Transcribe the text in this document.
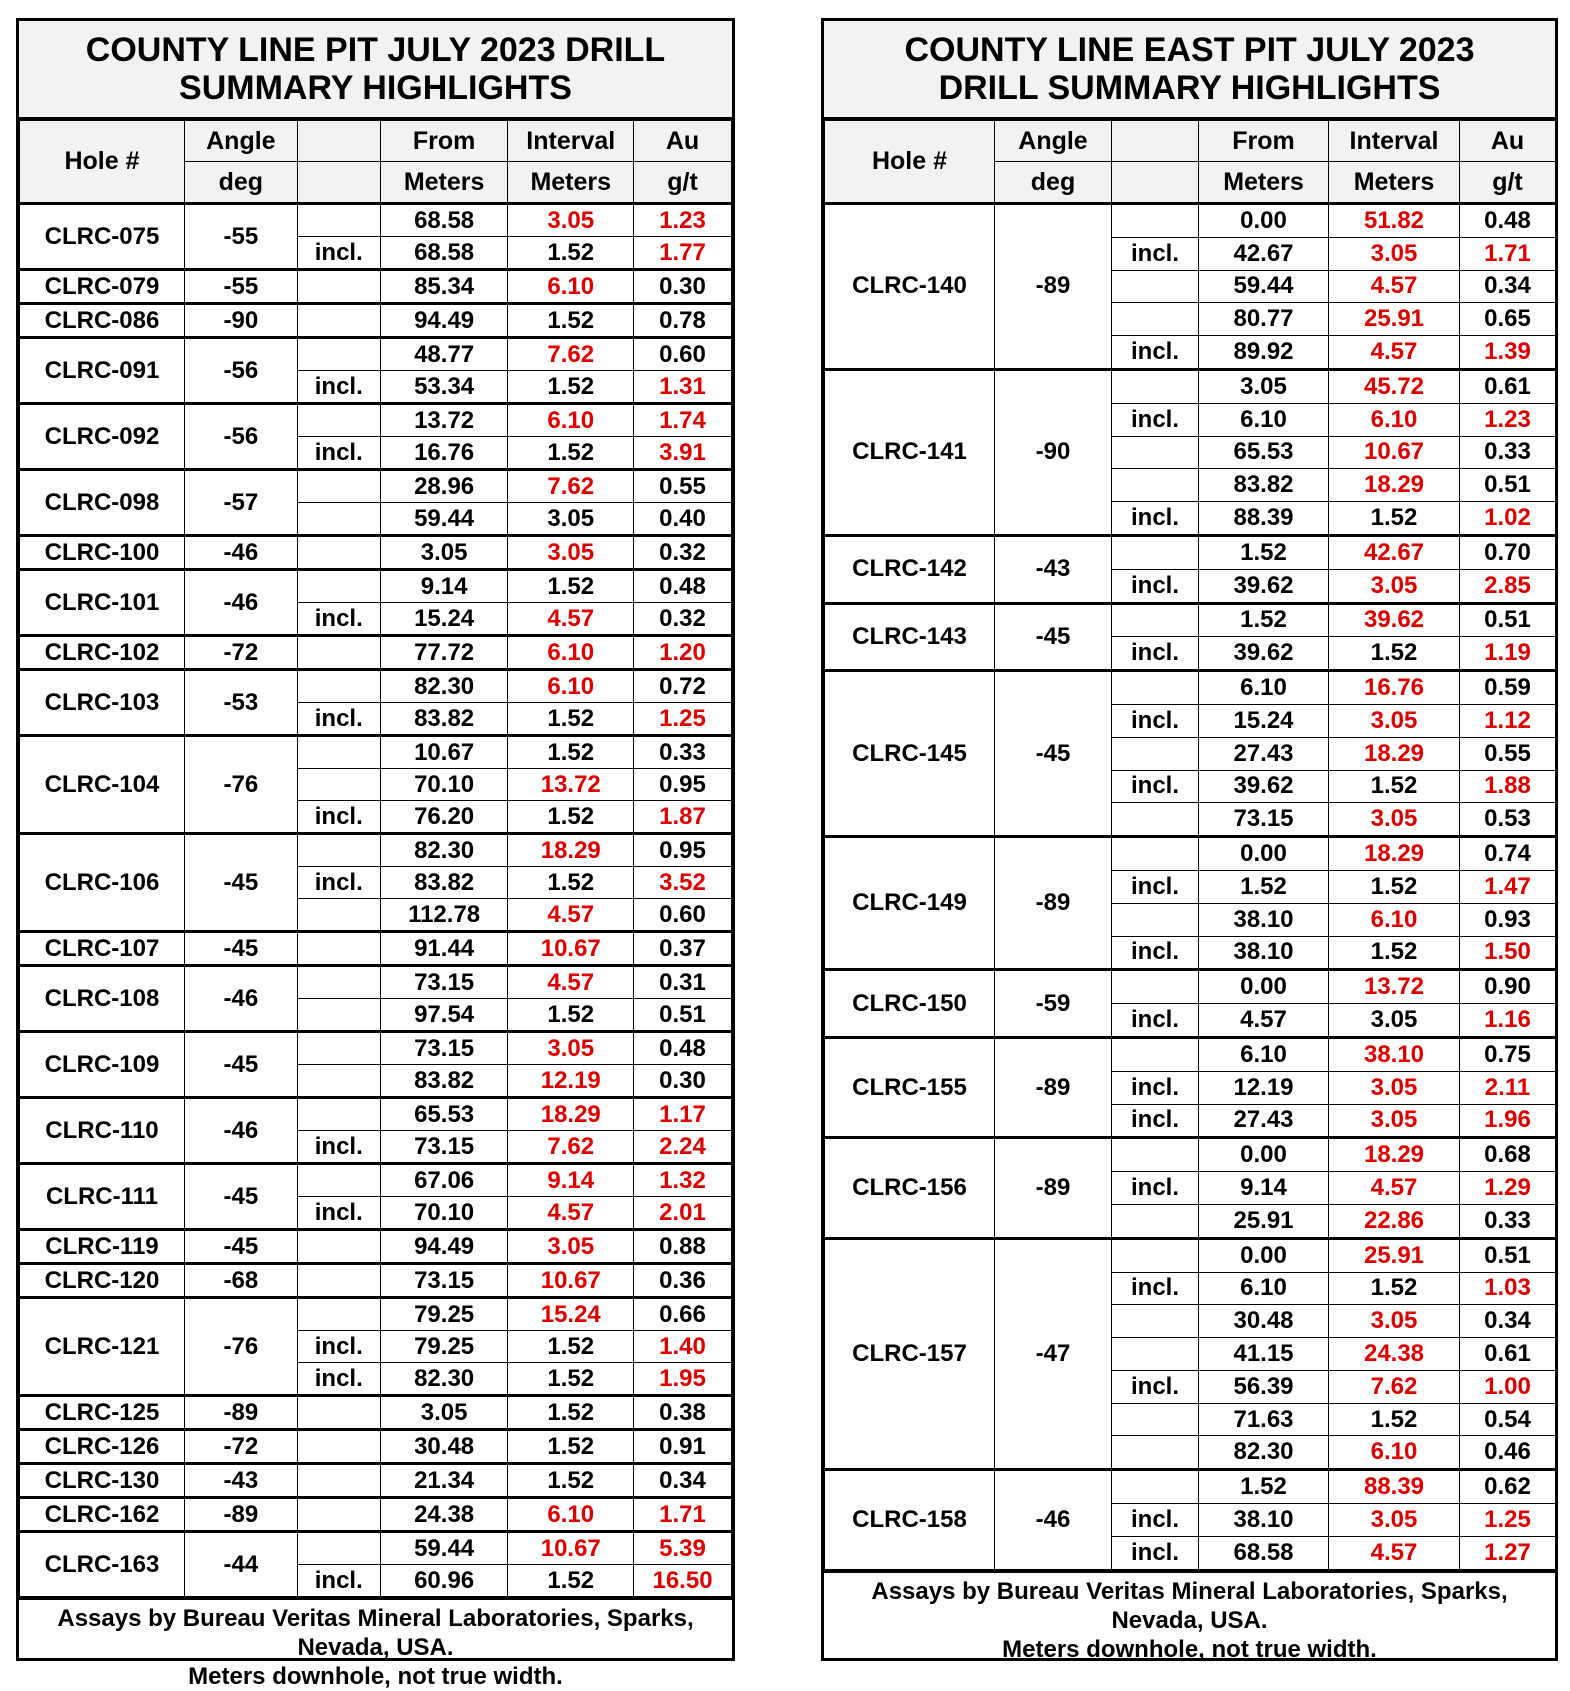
COUNTY LINE PIT JULY 2023 DRILL
SUMMARY HIGHLIGHTS
Hole #	Angle		From	Interval	Au
	deg		Meters	Meters	g/t
CLRC-075	-55		68.58	3.05	1.23
		incl.	68.58	1.52	1.77
CLRC-079	-55		85.34	6.10	0.30
CLRC-086	-90		94.49	1.52	0.78
CLRC-091	-56		48.77	7.62	0.60
		incl.	53.34	1.52	1.31
CLRC-092	-56		13.72	6.10	1.74
		incl.	16.76	1.52	3.91
CLRC-098	-57		28.96	7.62	0.55
			59.44	3.05	0.40
CLRC-100	-46		3.05	3.05	0.32
CLRC-101	-46		9.14	1.52	0.48
		incl.	15.24	4.57	0.32
CLRC-102	-72		77.72	6.10	1.20
CLRC-103	-53		82.30	6.10	0.72
		incl.	83.82	1.52	1.25
CLRC-104	-76		10.67	1.52	0.33
			70.10	13.72	0.95
		incl.	76.20	1.52	1.87
CLRC-106	-45		82.30	18.29	0.95
		incl.	83.82	1.52	3.52
			112.78	4.57	0.60
CLRC-107	-45		91.44	10.67	0.37
CLRC-108	-46		73.15	4.57	0.31
			97.54	1.52	0.51
CLRC-109	-45		73.15	3.05	0.48
			83.82	12.19	0.30
CLRC-110	-46		65.53	18.29	1.17
		incl.	73.15	7.62	2.24
CLRC-111	-45		67.06	9.14	1.32
		incl.	70.10	4.57	2.01
CLRC-119	-45		94.49	3.05	0.88
CLRC-120	-68		73.15	10.67	0.36
CLRC-121	-76		79.25	15.24	0.66
		incl.	79.25	1.52	1.40
		incl.	82.30	1.52	1.95
CLRC-125	-89		3.05	1.52	0.38
CLRC-126	-72		30.48	1.52	0.91
CLRC-130	-43		21.34	1.52	0.34
CLRC-162	-89		24.38	6.10	1.71
CLRC-163	-44		59.44	10.67	5.39
		incl.	60.96	1.52	16.50
Assays by Bureau Veritas Mineral Laboratories, Sparks,
Nevada, USA.
Meters downhole, not true width.
COUNTY LINE EAST PIT JULY 2023
DRILL SUMMARY HIGHLIGHTS
Hole #	Angle		From	Interval	Au
	deg		Meters	Meters	g/t
CLRC-140	-89		0.00	51.82	0.48
		incl.	42.67	3.05	1.71
			59.44	4.57	0.34
			80.77	25.91	0.65
		incl.	89.92	4.57	1.39
CLRC-141	-90		3.05	45.72	0.61
		incl.	6.10	6.10	1.23
			65.53	10.67	0.33
			83.82	18.29	0.51
		incl.	88.39	1.52	1.02
CLRC-142	-43		1.52	42.67	0.70
		incl.	39.62	3.05	2.85
CLRC-143	-45		1.52	39.62	0.51
		incl.	39.62	1.52	1.19
CLRC-145	-45		6.10	16.76	0.59
		incl.	15.24	3.05	1.12
			27.43	18.29	0.55
		incl.	39.62	1.52	1.88
			73.15	3.05	0.53
CLRC-149	-89		0.00	18.29	0.74
		incl.	1.52	1.52	1.47
			38.10	6.10	0.93
		incl.	38.10	1.52	1.50
CLRC-150	-59		0.00	13.72	0.90
		incl.	4.57	3.05	1.16
CLRC-155	-89		6.10	38.10	0.75
		incl.	12.19	3.05	2.11
		incl.	27.43	3.05	1.96
CLRC-156	-89		0.00	18.29	0.68
		incl.	9.14	4.57	1.29
			25.91	22.86	0.33
CLRC-157	-47		0.00	25.91	0.51
		incl.	6.10	1.52	1.03
			30.48	3.05	0.34
			41.15	24.38	0.61
		incl.	56.39	7.62	1.00
			71.63	1.52	0.54
			82.30	6.10	0.46
CLRC-158	-46		1.52	88.39	0.62
		incl.	38.10	3.05	1.25
		incl.	68.58	4.57	1.27
Assays by Bureau Veritas Mineral Laboratories, Sparks,
Nevada, USA.
Meters downhole, not true width.
